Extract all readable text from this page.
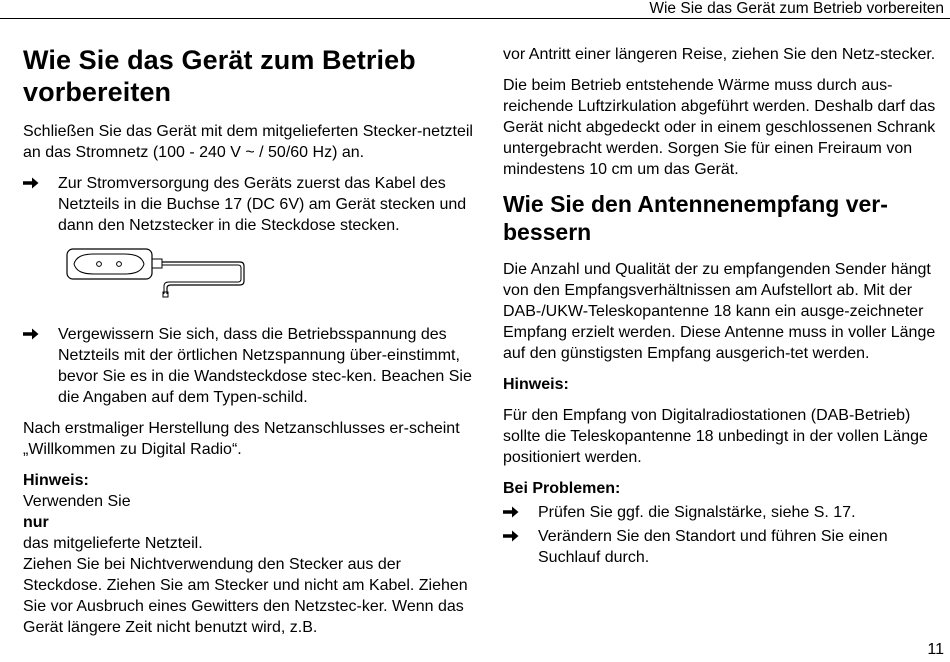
Wie Sie das Gerät zum Betrieb vorbereiten
Wie Sie das Gerät zum Betrieb
vorbereiten

Schließen Sie das Gerät mit dem mitgelieferten Stecker-netzteil an das Stromnetz (100 - 240 V ~ / 50/60 Hz) an.

Zur Stromversorgung des Geräts zuerst das Kabel des Netzteils in die Buchse 17 (DC 6V) am Gerät stecken und dann den Netzstecker in die Steckdose stecken.
Vergewissern Sie sich, dass die Betriebsspannung des Netzteils mit der örtlichen Netzspannung über-einstimmt, bevor Sie es in die Wandsteckdose stec-ken. Beachen Sie die Angaben auf dem Typen-schild.

Nach erstmaliger Herstellung des Netzanschlusses er-scheint „Willkommen zu Digital Radio“.

Hinweis:

Verwenden Sie
nur
das mitgelieferte Netzteil.
Ziehen Sie bei Nichtverwendung den Stecker aus der Steckdose. Ziehen Sie am Stecker und nicht am Kabel. Ziehen Sie vor Ausbruch eines Gewitters den Netzstec-ker. Wenn das Gerät längere Zeit nicht benutzt wird, z.B.

vor Antritt einer längeren Reise, ziehen Sie den Netz-stecker.

Die beim Betrieb entstehende Wärme muss durch aus-reichende Luftzirkulation abgeführt werden. Deshalb darf das Gerät nicht abgedeckt oder in einem geschlossenen Schrank untergebracht werden. Sorgen Sie für einen Freiraum von mindestens 10 cm um das Gerät.

Wie Sie den Antennenempfang ver-
bessern

Die Anzahl und Qualität der zu empfangenden Sender hängt von den Empfangsverhältnissen am Aufstellort ab. Mit der DAB-/UKW-Teleskopantenne 18 kann ein ausge-zeichneter Empfang erzielt werden. Diese Antenne muss in voller Länge auf den günstigsten Empfang ausgerich-tet werden.

Hinweis:

Für den Empfang von Digitalradiostationen (DAB-Betrieb) sollte die Teleskopantenne 18 unbedingt in der vollen Länge positioniert werden.

Bei Problemen:

Prüfen Sie ggf. die Signalstärke, siehe S. 17.
Verändern Sie den Standort und führen Sie einen Suchlauf durch.
11
